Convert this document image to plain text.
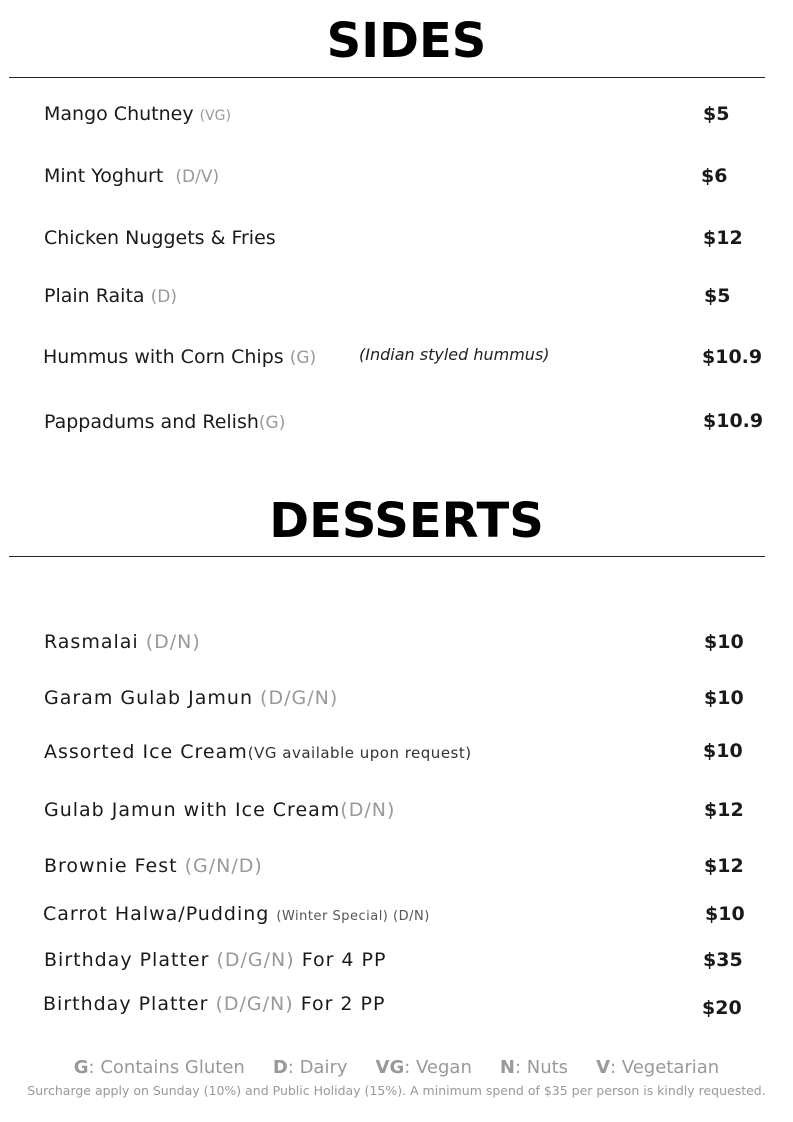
SIDES
Mango Chutney (VG)	$5
Mint Yoghurt (D/V)	$6
Chicken Nuggets & Fries	$12
Plain Raita (D)	$5
Hummus with Corn Chips (G)	(Indian styled hummus)	$10.9
Pappadums and Relish(G)	$10.9
DESSERTS
Rasmalai (D/N)	$10
Garam Gulab Jamun (D/G/N)	$10
Assorted Ice Cream(VG available upon request)	$10
Gulab Jamun with Ice Cream(D/N)	$12
Brownie Fest (G/N/D)	$12
Carrot Halwa/Pudding (Winter Special) (D/N)	$10
Birthday Platter (D/G/N) For 4 PP	$35
Birthday Platter (D/G/N) For 2 PP	$20
G: Contains Gluten D: Dairy VG: Vegan N: Nuts V: Vegetarian
Surcharge apply on Sunday (10%) and Public Holiday (15%). A minimum spend of $35 per person is kindly requested.
